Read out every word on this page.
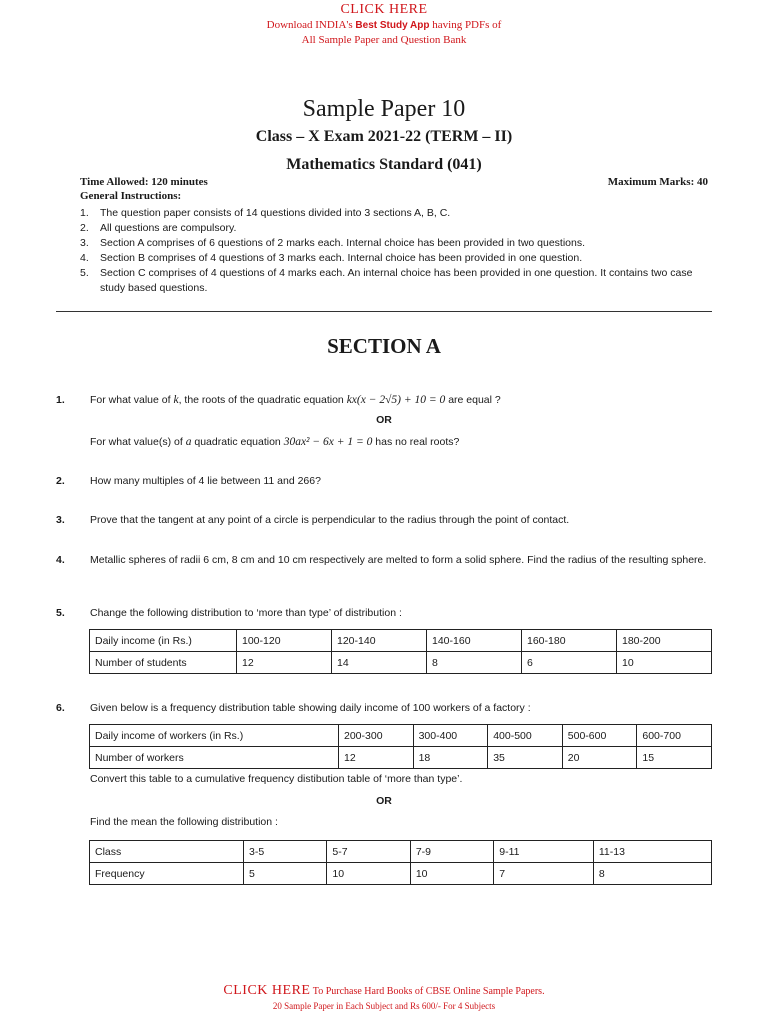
CLICK HERE
Download INDIA's Best Study App having PDFs of
All Sample Paper and Question Bank
Sample Paper 10
Class – X Exam 2021-22 (TERM – II)
Mathematics Standard (041)
Time Allowed: 120 minutes	Maximum Marks: 40
General Instructions:
1.	The question paper consists of 14 questions divided into 3 sections A, B, C.
2.	All questions are compulsory.
3.	Section A comprises of 6 questions of 2 marks each. Internal choice has been provided in two questions.
4.	Section B comprises of 4 questions of 3 marks each. Internal choice has been provided in one question.
5.	Section C comprises of 4 questions of 4 marks each. An internal choice has been provided in one question. It contains two case study based questions.
SECTION A
1. For what value of k, the roots of the quadratic equation kx(x − 2√5) + 10 = 0 are equal ?
OR
For what value(s) of a quadratic equation 30ax² − 6x + 1 = 0 has no real roots?
2. How many multiples of 4 lie between 11 and 266?
3. Prove that the tangent at any point of a circle is perpendicular to the radius through the point of contact.
4. Metallic spheres of radii 6 cm, 8 cm and 10 cm respectively are melted to form a solid sphere. Find the radius of the resulting sphere.
5. Change the following distribution to ‘more than type’ of distribution :
Daily income (in Rs.)	100-120	120-140	140-160	160-180	180-200
Number of students	12	14	8	6	10
6. Given below is a frequency distribution table showing daily income of 100 workers of a factory :
Daily income of workers (in Rs.)	200-300	300-400	400-500	500-600	600-700
Number of workers	12	18	35	20	15
Convert this table to a cumulative frequency distibution table of ‘more than type’.
OR
Find the mean the following distribution :
Class	3-5	5-7	7-9	9-11	11-13
Frequency	5	10	10	7	8
CLICK HERE To Purchase Hard Books of CBSE Online Sample Papers.
20 Sample Paper in Each Subject and Rs 600/- For 4 Subjects
